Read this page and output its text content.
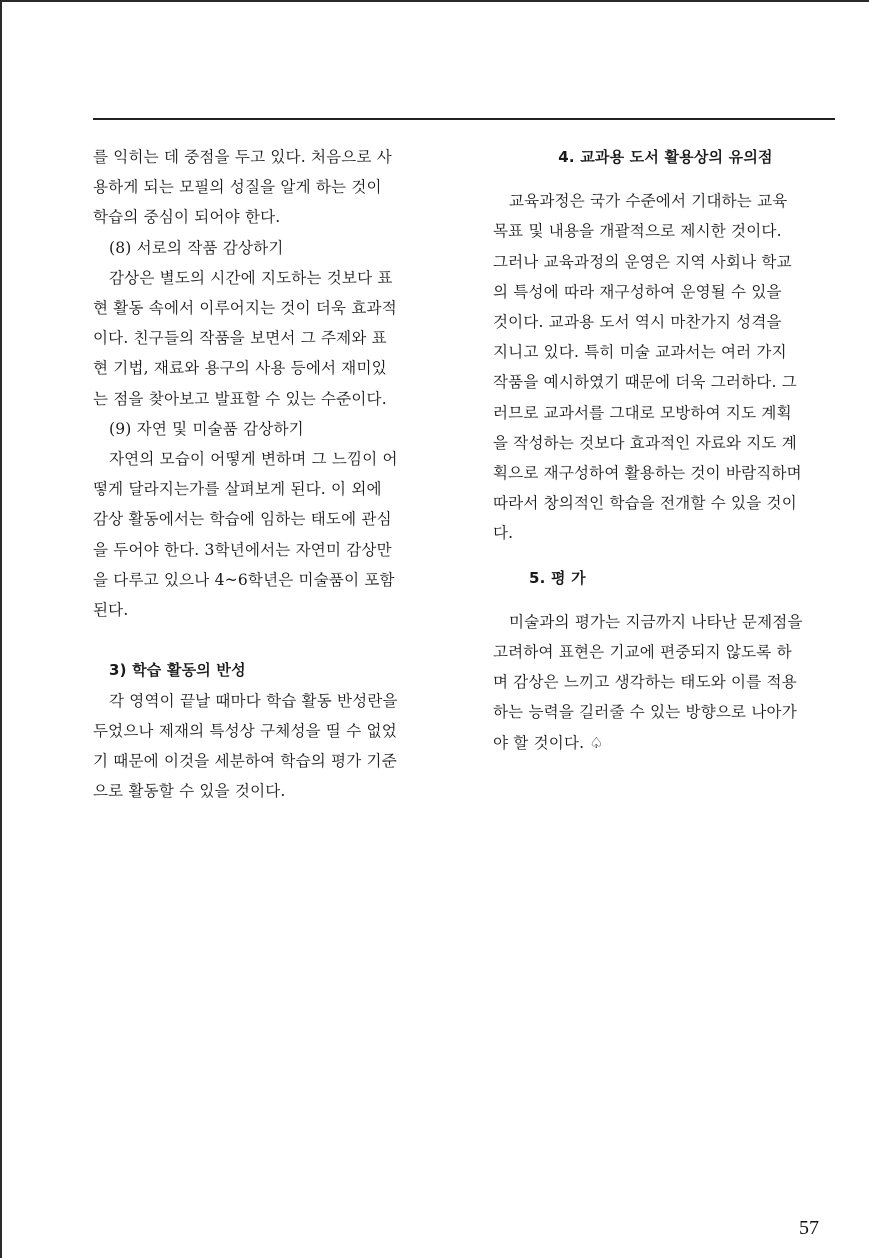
를 익히는 데 중점을 두고 있다. 처음으로 사
용하게 되는 모필의 성질을 알게 하는 것이
학습의 중심이 되어야 한다.
(8) 서로의 작품 감상하기
감상은 별도의 시간에 지도하는 것보다 표
현 활동 속에서 이루어지는 것이 더욱 효과적
이다. 친구들의 작품을 보면서 그 주제와 표
현 기법, 재료와 용구의 사용 등에서 재미있
는 점을 찾아보고 발표할 수 있는 수준이다.
(9) 자연 및 미술품 감상하기
자연의 모습이 어떻게 변하며 그 느낌이 어
떻게 달라지는가를 살펴보게 된다. 이 외에
감상 활동에서는 학습에 임하는 태도에 관심
을 두어야 한다. 3학년에서는 자연미 감상만
을 다루고 있으나 4~6학년은 미술품이 포함
된다.
3) 학습 활동의 반성
각 영역이 끝날 때마다 학습 활동 반성란을
두었으나 제재의 특성상 구체성을 띨 수 없었
기 때문에 이것을 세분하여 학습의 평가 기준
으로 활동할 수 있을 것이다.
4. 교과용 도서 활용상의 유의점
교육과정은 국가 수준에서 기대하는 교육
목표 및 내용을 개괄적으로 제시한 것이다.
그러나 교육과정의 운영은 지역 사회나 학교
의 특성에 따라 재구성하여 운영될 수 있을
것이다. 교과용 도서 역시 마찬가지 성격을
지니고 있다. 특히 미술 교과서는 여러 가지
작품을 예시하였기 때문에 더욱 그러하다. 그
러므로 교과서를 그대로 모방하여 지도 계획
을 작성하는 것보다 효과적인 자료와 지도 계
획으로 재구성하여 활용하는 것이 바람직하며
따라서 창의적인 학습을 전개할 수 있을 것이
다.
5. 평 가
미술과의 평가는 지금까지 나타난 문제점을
고려하여 표현은 기교에 편중되지 않도록 하
며 감상은 느끼고 생각하는 태도와 이를 적용
하는 능력을 길러줄 수 있는 방향으로 나아가
야 할 것이다. ♤
57
